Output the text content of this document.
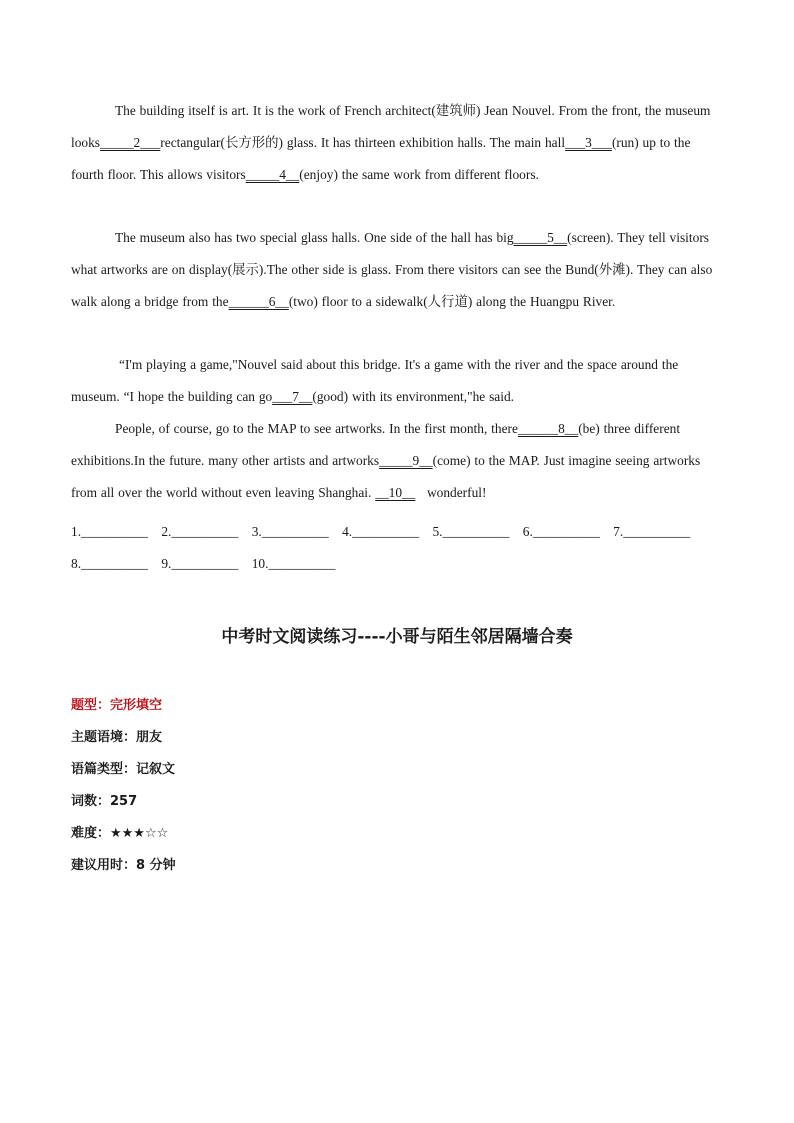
The building itself is art. It is the work of French architect(建筑师) Jean Nouvel. From the front, the museum looks_____2___rectangular(长方形的) glass. It has thirteen exhibition halls. The main hall___3___(run) up to the fourth floor. This allows visitors_____4__(enjoy) the same work from different floors.

The museum also has two special glass halls. One side of the hall has big_____5__(screen). They tell visitors what artworks are on display(展示).The other side is glass. From there visitors can see the Bund(外滩). They can also walk along a bridge from the______6__(two) floor to a sidewalk(人行道) along the Huangpu River.

“I'm playing a game,"Nouvel said about this bridge. It's a game with the river and the space around the museum. “I hope the building can go___7__(good) with its environment,"he said.

People, of course, go to the MAP to see artworks. In the first month, there______8__(be) three different exhibitions.In the future. many other artists and artworks_____9__(come) to the MAP. Just imagine seeing artworks from all over the world without even leaving Shanghai. __10__ wonderful!

1.__________ 2.__________ 3.__________ 4.__________ 5.__________ 6.__________ 7.__________ 8.__________ 9.__________ 10.__________

中考时文阅读练习----小哥与陌生邻居隔墙合奏
题型：完形填空
主题语境：朋友
语篇类型：记叙文
词数：257
难度：★★★☆☆
建议用时：8 分钟
